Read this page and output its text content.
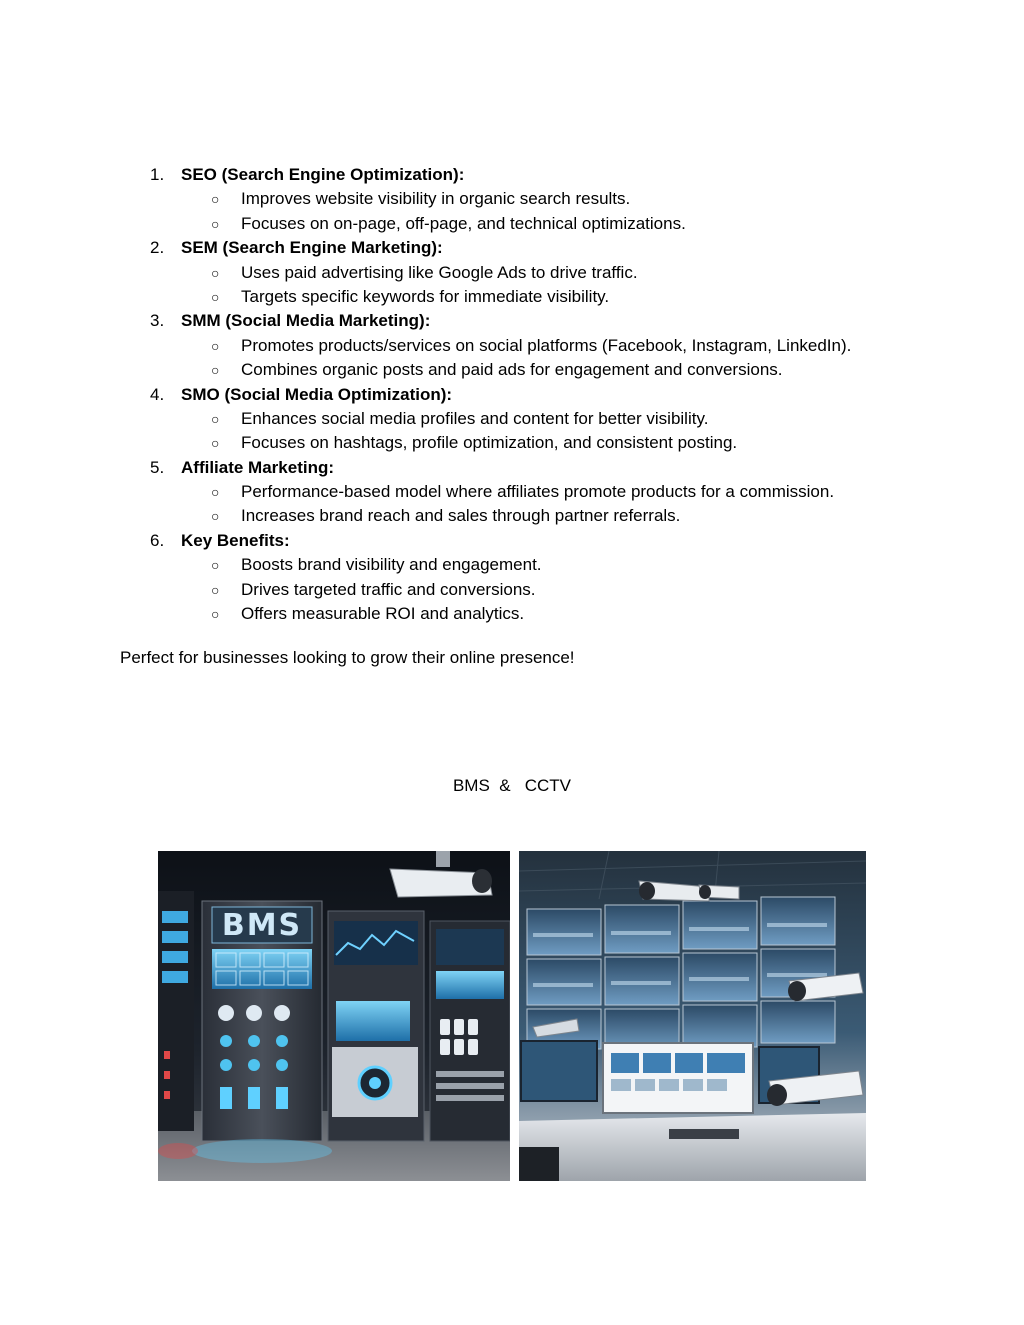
1. SEO (Search Engine Optimization):
○	Improves website visibility in organic search results.
○	Focuses on on-page, off-page, and technical optimizations.
2. SEM (Search Engine Marketing):
○	Uses paid advertising like Google Ads to drive traffic.
○	Targets specific keywords for immediate visibility.
3. SMM (Social Media Marketing):
○	Promotes products/services on social platforms (Facebook, Instagram, LinkedIn).
○	Combines organic posts and paid ads for engagement and conversions.
4. SMO (Social Media Optimization):
○	Enhances social media profiles and content for better visibility.
○	Focuses on hashtags, profile optimization, and consistent posting.
5. Affiliate Marketing:
○	Performance-based model where affiliates promote products for a commission.
○	Increases brand reach and sales through partner referrals.
6. Key Benefits:
○	Boosts brand visibility and engagement.
○	Drives targeted traffic and conversions.
○	Offers measurable ROI and analytics.
Perfect for businesses looking to grow their online presence!
BMS  &   CCTV
BMS
